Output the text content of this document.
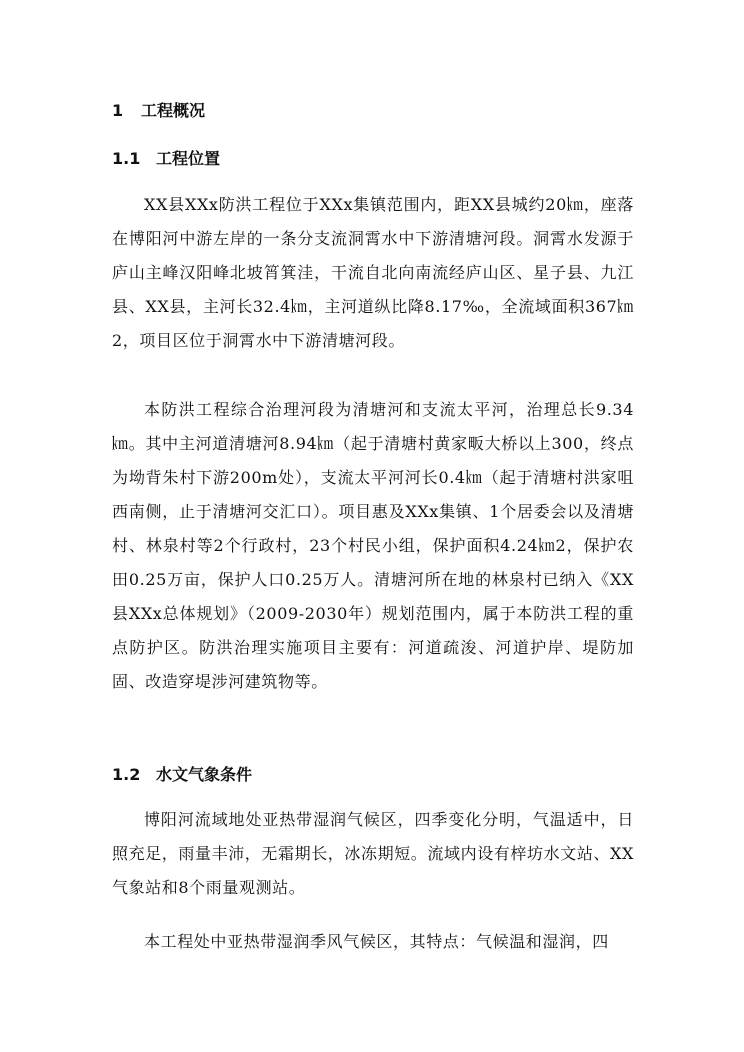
1 工程概况
1.1 工程位置

XX县XXx防洪工程位于XXx集镇范围内，距XX县城约20㎞，座落在博阳河中游左岸的一条分支流洞霄水中下游清塘河段。洞霄水发源于庐山主峰汉阳峰北坡筲箕洼，干流自北向南流经庐山区、星子县、九江县、XX县，主河长32.4㎞，主河道纵比降8.17‰，全流域面积367㎞2，项目区位于洞霄水中下游清塘河段。

本防洪工程综合治理河段为清塘河和支流太平河，治理总长9.34㎞。其中主河道清塘河8.94㎞（起于清塘村黄家畈大桥以上300，终点为坳背朱村下游200m处），支流太平河河长0.4㎞（起于清塘村洪家咀西南侧，止于清塘河交汇口）。项目惠及XXx集镇、1个居委会以及清塘村、林泉村等2个行政村，23个村民小组，保护面积4.24㎞2，保护农田0.25万亩，保护人口0.25万人。清塘河所在地的林泉村已纳入《XX县XXx总体规划》（2009-2030年）规划范围内，属于本防洪工程的重点防护区。防洪治理实施项目主要有：河道疏浚、河道护岸、堤防加固、改造穿堤涉河建筑物等。

1.2 水文气象条件

博阳河流域地处亚热带湿润气候区，四季变化分明，气温适中，日照充足，雨量丰沛，无霜期长，冰冻期短。流域内设有梓坊水文站、XX气象站和8个雨量观测站。

本工程处中亚热带湿润季风气候区，其特点：气候温和湿润，四
